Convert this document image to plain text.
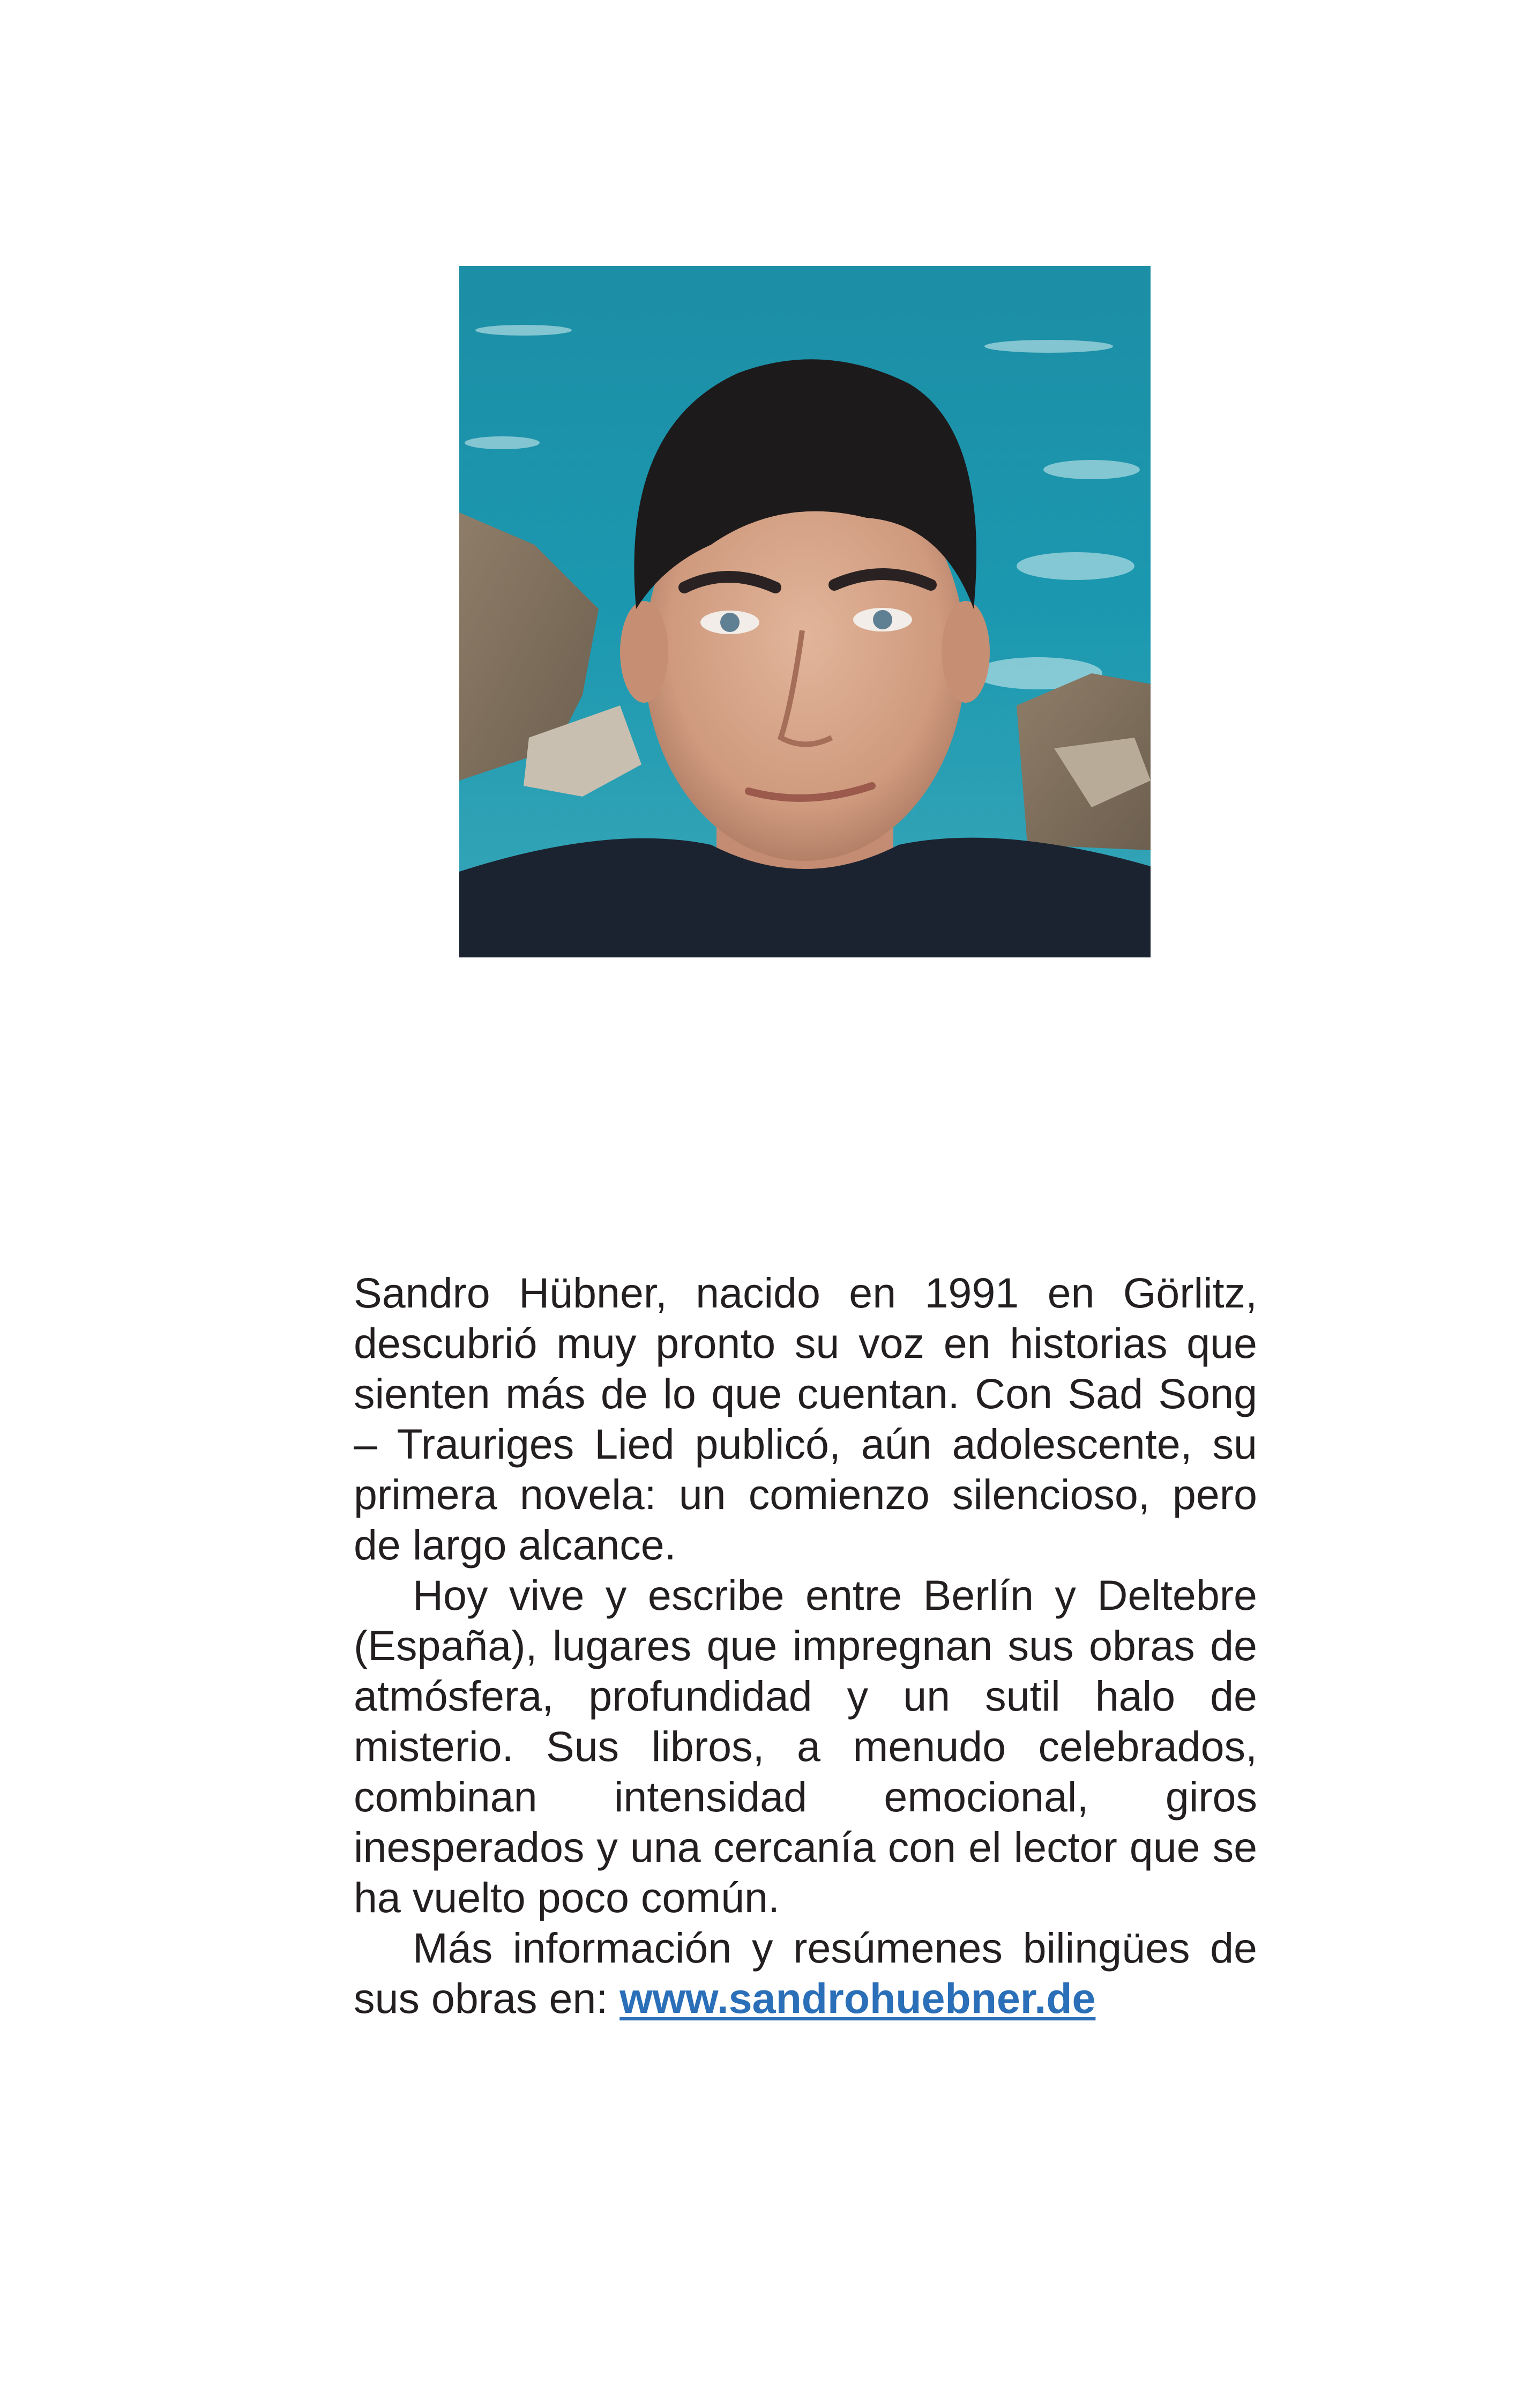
Sandro Hübner, nacido en 1991 en Görlitz, descubrió muy pronto su voz en historias que sienten más de lo que cuentan. Con Sad Song – Trauriges Lied publicó, aún adolescente, su primera novela: un comienzo silencioso, pero de largo alcance.

Hoy vive y escribe entre Berlín y Deltebre (España), lugares que impregnan sus obras de atmósfera, profundidad y un sutil halo de misterio. Sus libros, a menudo celebrados, combinan intensidad emocional, giros inesperados y una cercanía con el lector que se ha vuelto poco común.

Más información y resúmenes bilingües de sus obras en: www.sandrohuebner.de
